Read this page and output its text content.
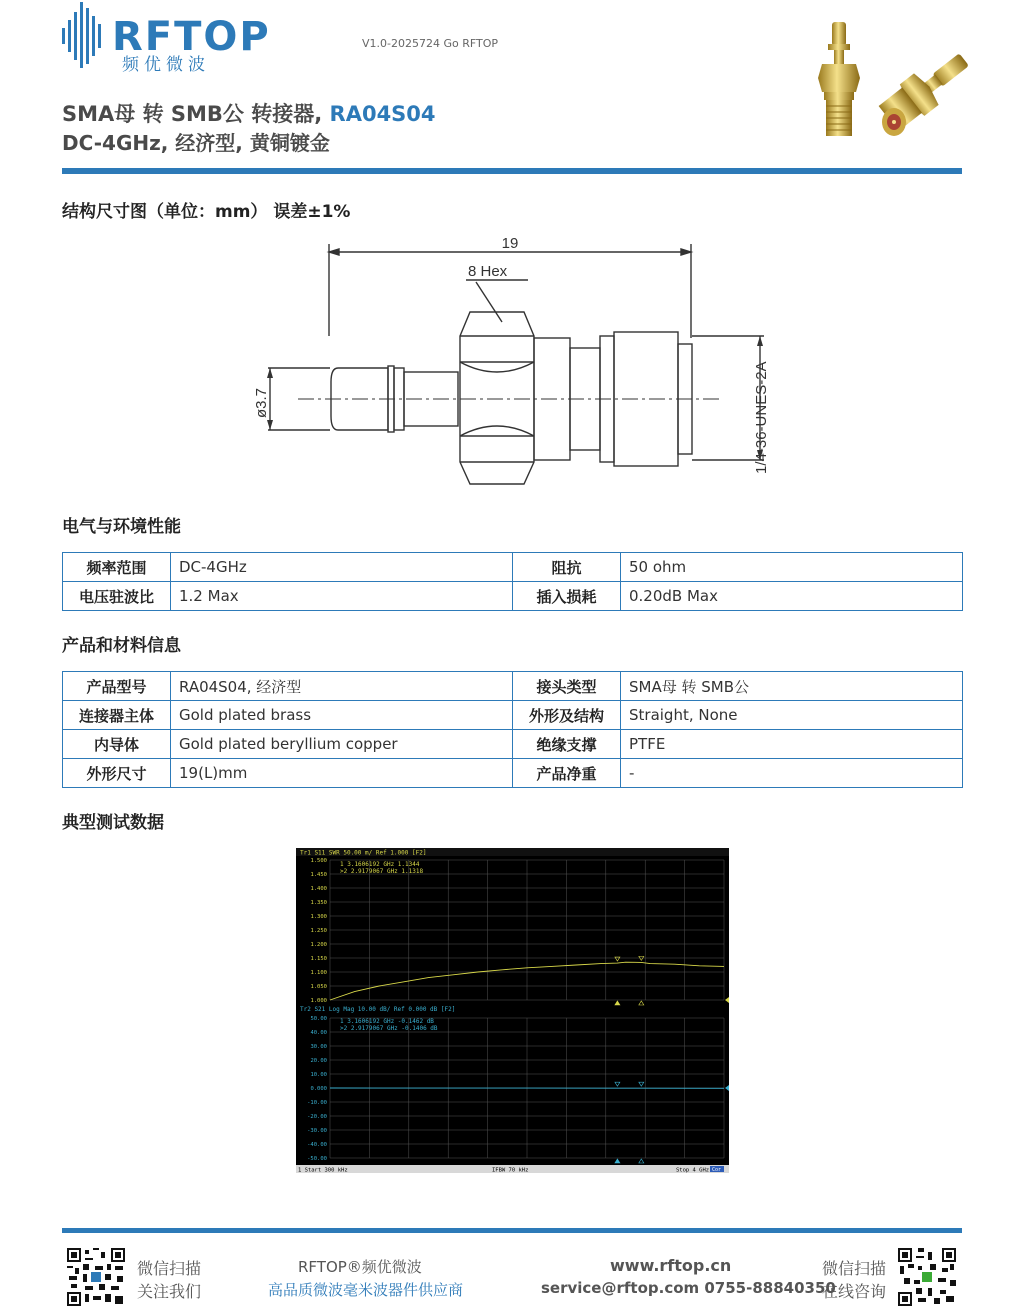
RFTOP
频优微波
V1.0-2025724 Go RFTOP
SMA母 转 SMB公 转接器, RA04S04
DC-4GHz, 经济型, 黄铜镀金
结构尺寸图（单位：mm） 误差±1%
19
8 Hex
ø3.7	1/4-36-UNES-2A
电气与环境性能
频率范围	DC-4GHz	阻抗	50 ohm
电压驻波比	1.2 Max	插入损耗	0.20dB Max
产品和材料信息
产品型号	RA04S04, 经济型	接头类型	SMA母 转 SMB公
连接器主体	Gold plated brass	外形及结构	Straight, None
内导体	Gold plated beryllium copper	绝缘支撑	PTFE
外形尺寸	19(L)mm	产品净重	-
典型测试数据
Tr1 S11 SWR 50.00 m/ Ref 1.000 [F2]
1 3.1606192 GHz 1.1344
>2 2.9179067 GHz 1.1318
1.500
1.450
1.400
1.350
1.300
1.250
1.200
1.150
1.100
1.050
1.000
Tr2 S21 Log Mag 10.00 dB/ Ref 0.000 dB [F2]
1 3.1606192 GHz -0.1462 dB
>2 2.9179067 GHz -0.1406 dB
50.00
40.00
30.00
20.00
10.00
0.000
-10.00
-20.00
-30.00
-40.00
-50.00
1 Start 300 kHz	IFBW 70 kHz	Stop 4 GHz Cor
微信扫描
关注我们
RFTOP®频优微波
高品质微波毫米波器件供应商
www.rftop.cn
service@rftop.com 0755-88840350
微信扫描
在线咨询
